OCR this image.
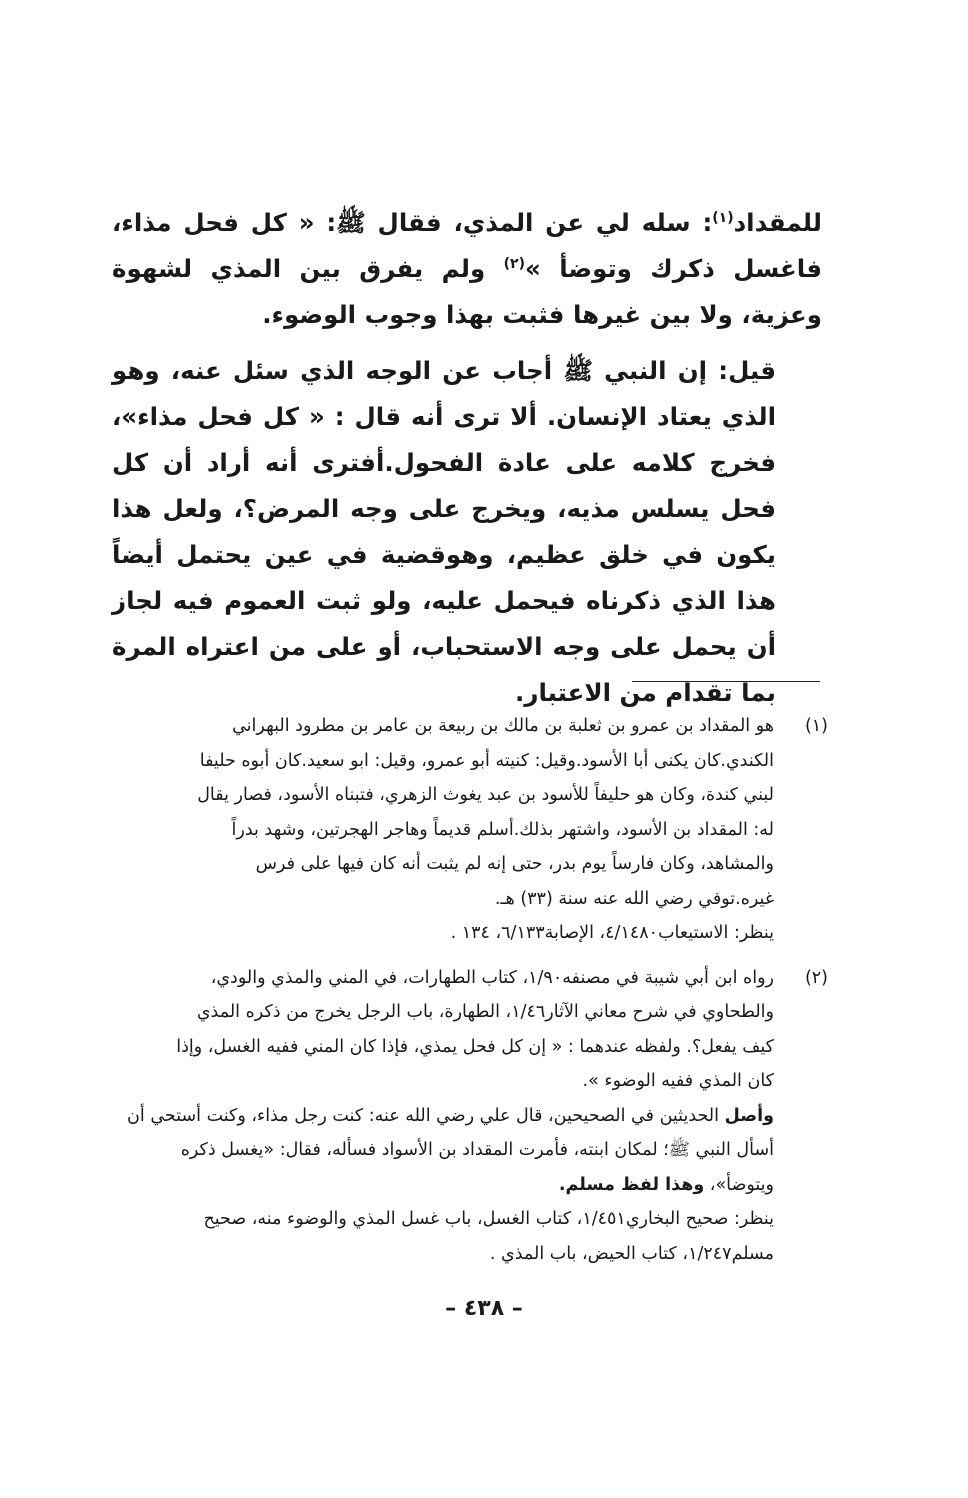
للمقداد$^{(١)}$: سله لي عن المذي، فقال ﷺ: « كل فحل مذاء، فاغسل ذكرك وتوضأ »$^{(٢)}$ ولم يفرق بين المذي لشهوة وعزية، ولا بين غيرها فثبت بهذا وجوب الوضوء.

قيل: إن النبي ﷺ أجاب عن الوجه الذي سئل عنه، وهو الذي يعتاد الإنسان. ألا ترى أنه قال : « كل فحل مذاء»، فخرج كلامه على عادة الفحول.أفترى أنه أراد أن كل فحل يسلس مذيه، ويخرج على وجه المرض؟، ولعل هذا يكون في خلق عظيم، وهوقضية في عين يحتمل أيضاً هذا الذي ذكرناه فيحمل عليه، ولو ثبت العموم فيه لجاز أن يحمل على وجه الاستحباب، أو على من اعتراه المرة بما تقدام من الاعتبار.

(١)
هو المقداد بن عمرو بن ثعلبة بن مالك بن ربيعة بن عامر بن مطرود البهراني
الكندي.كان يكنى أبا الأسود.وقيل: كنيته أبو عمرو، وقيل: ابو سعيد.كان أبوه حليفا
لبني كندة، وكان هو حليفاً للأسود بن عبد يغوث الزهري، فتبناه الأسود، فصار يقال
له: المقداد بن الأسود، واشتهر بذلك.أسلم قديماً وهاجر الهجرتين، وشهد بدراً
والمشاهد، وكان فارساً يوم بدر، حتى إنه لم يثبت أنه كان فيها على فرس
غيره.توفي رضي الله عنه سنة (٣٣) هـ.
ينظر: الاستيعاب٤/١٤٨٠، الإصابة٦/١٣٣، ١٣٤ .
(٢)
رواه ابن أبي شيبة في مصنفه١/٩٠، كتاب الطهارات، في المني والمذي والودي،
والطحاوي في شرح معاني الآثار١/٤٦، الطهارة، باب الرجل يخرج من ذكره المذي
كيف يفعل؟. ولفظه عندهما : « إن كل فحل يمذي، فإذا كان المني ففيه الغسل، وإذا
كان المذي ففيه الوضوء ».
وأصل الحديثين في الصحيحين، قال علي رضي الله عنه: كنت رجل مذاء، وكنت أستحي أن
أسأل النبي ﷺ؛ لمكان ابنته، فأمرت المقداد بن الأسواد فسأله، فقال: «يغسل ذكره
ويتوضأ»، وهذا لفظ مسلم.
ينظر: صحيح البخاري١/٤٥١، كتاب الغسل، باب غسل المذي والوضوء منه، صحيح
مسلم١/٢٤٧، كتاب الحيض، باب المذي .
– ٤٣٨ –
